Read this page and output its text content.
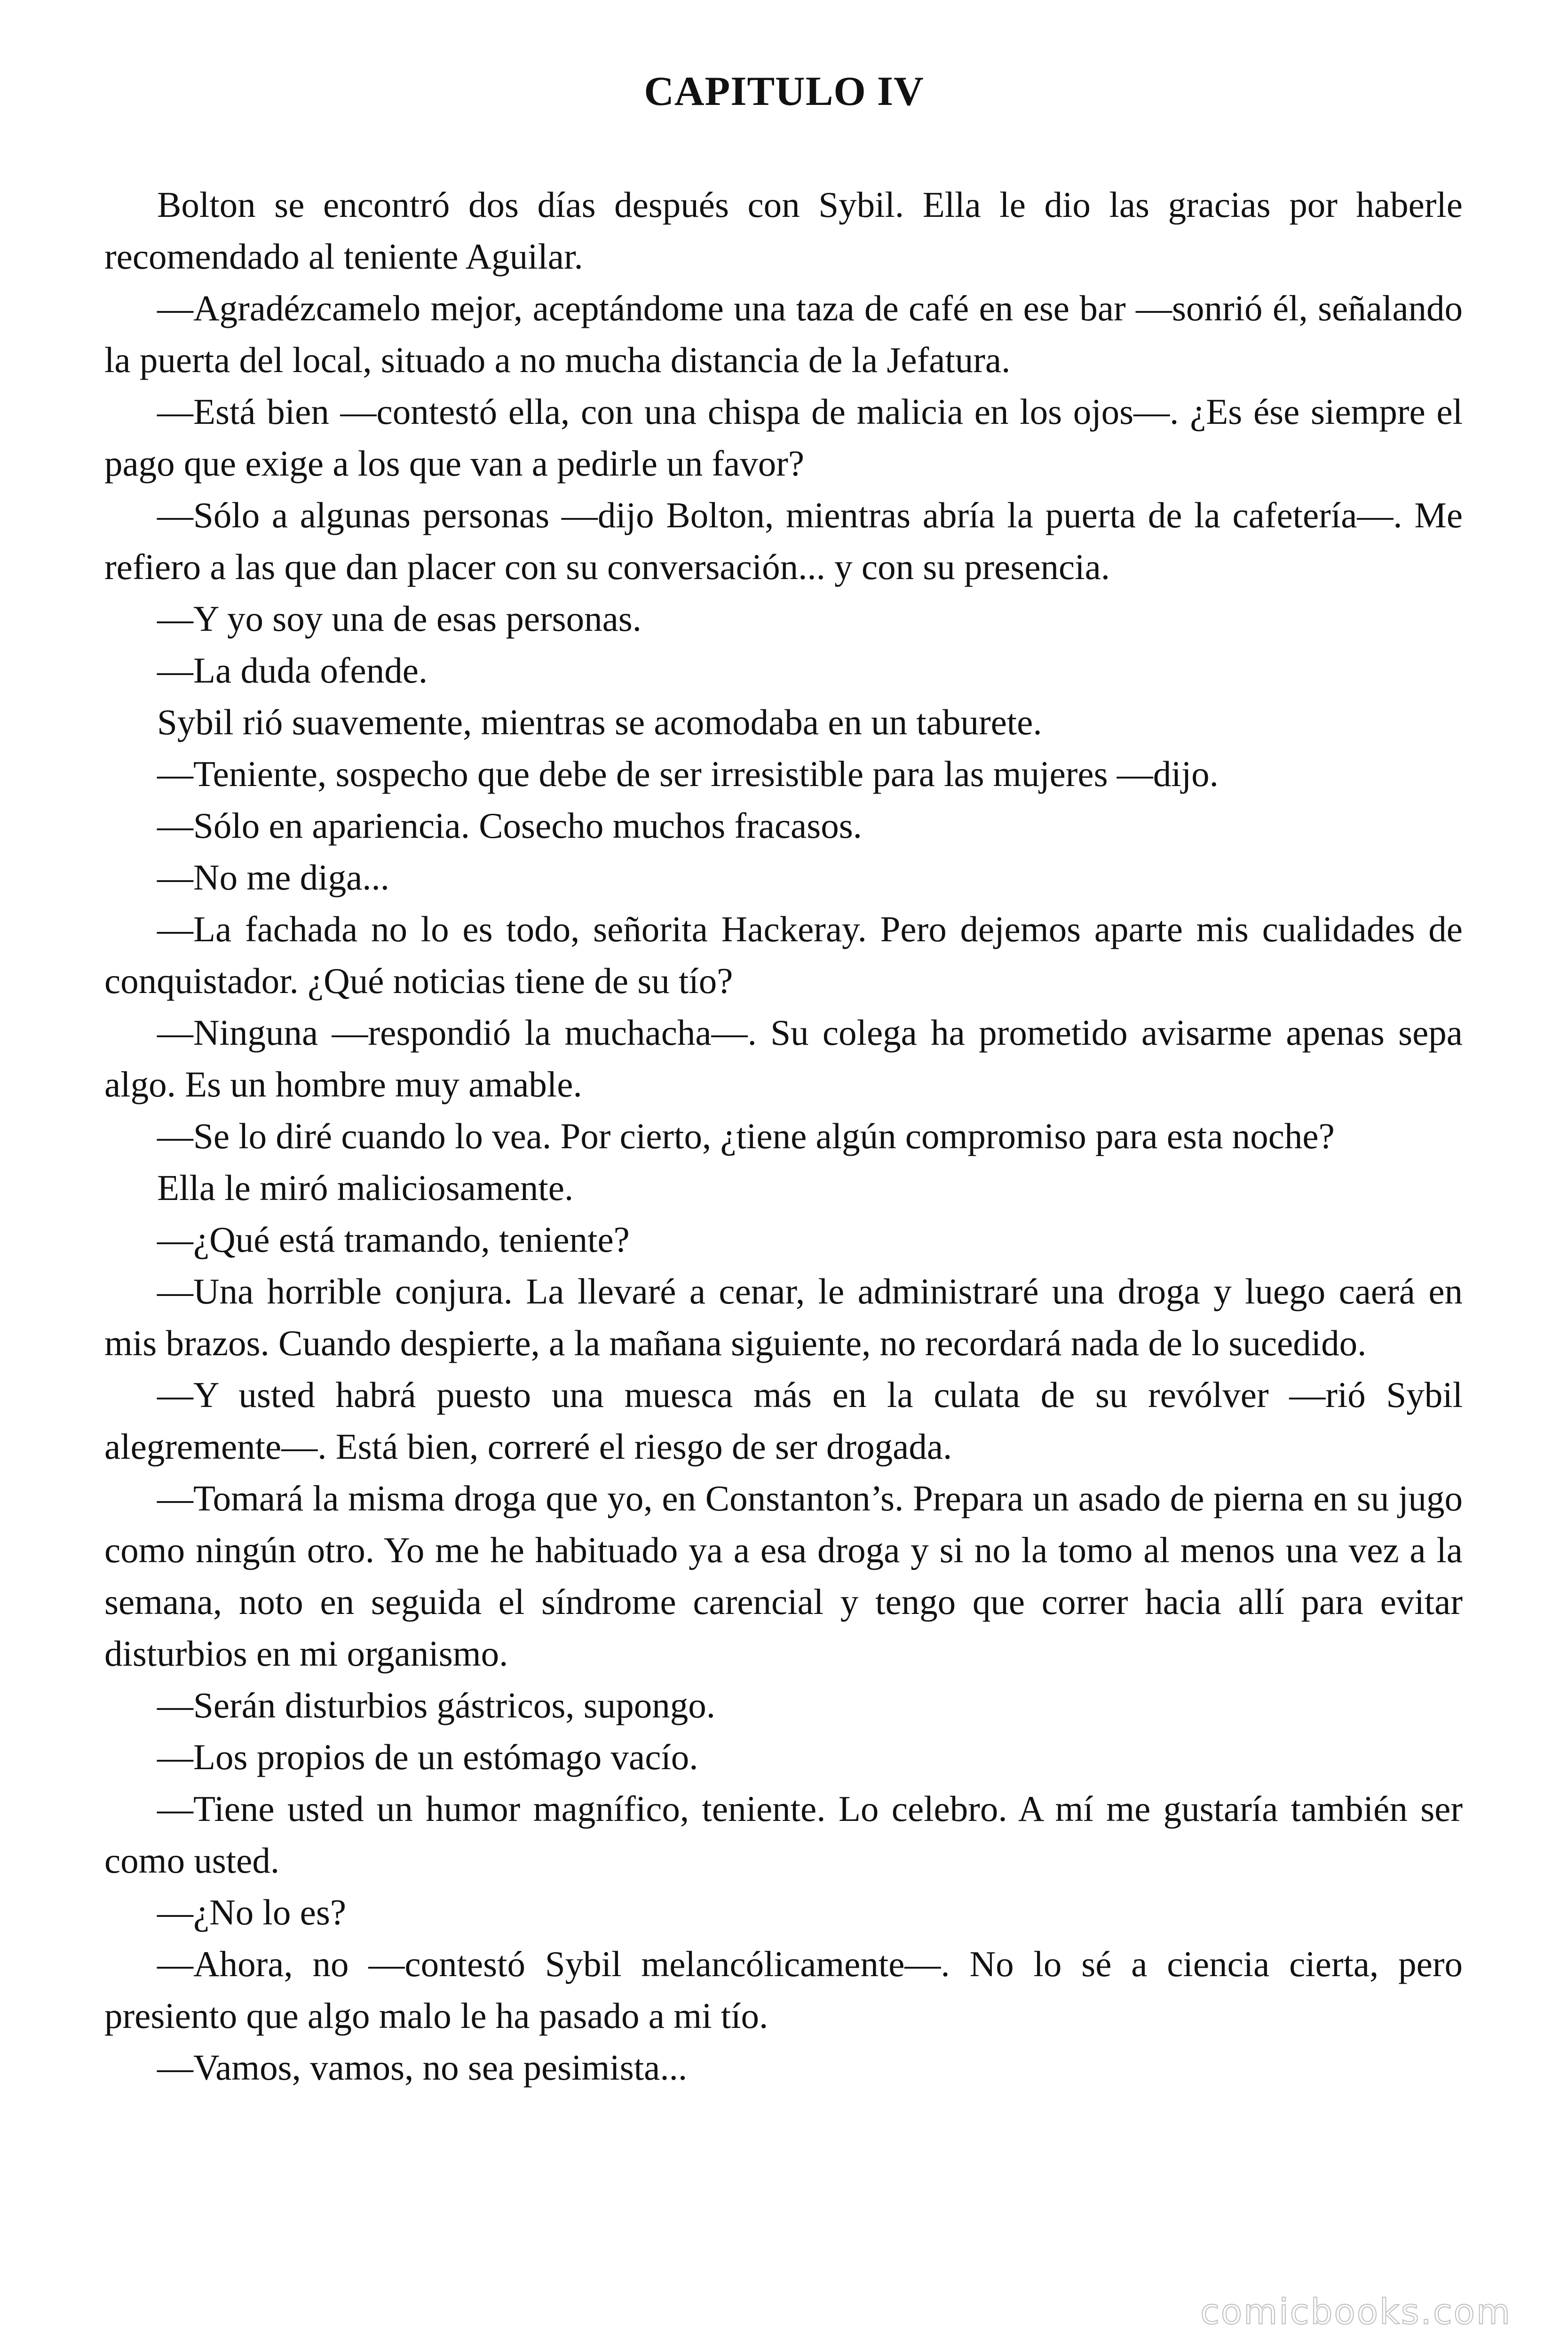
CAPITULO IV

Bolton se encontró dos días después con Sybil. Ella le dio las gracias por haberle recomendado al teniente Aguilar.

—Agradézcamelo mejor, aceptándome una taza de café en ese bar —sonrió él, señalando la puerta del local, situado a no mucha distancia de la Jefatura.

—Está bien —contestó ella, con una chispa de malicia en los ojos—. ¿Es ése siempre el pago que exige a los que van a pedirle un favor?

—Sólo a algunas personas —dijo Bolton, mientras abría la puerta de la cafetería—. Me refiero a las que dan placer con su conversación... y con su presencia.

—Y yo soy una de esas personas.

—La duda ofende.

Sybil rió suavemente, mientras se acomodaba en un taburete.

—Teniente, sospecho que debe de ser irresistible para las mujeres —dijo.

—Sólo en apariencia. Cosecho muchos fracasos.

—No me diga...

—La fachada no lo es todo, señorita Hackeray. Pero dejemos aparte mis cualidades de conquistador. ¿Qué noticias tiene de su tío?

—Ninguna —respondió la muchacha—. Su colega ha prometido avisarme apenas sepa algo. Es un hombre muy amable.

—Se lo diré cuando lo vea. Por cierto, ¿tiene algún compromiso para esta noche?

Ella le miró maliciosamente.

—¿Qué está tramando, teniente?

—Una horrible conjura. La llevaré a cenar, le administraré una droga y luego caerá en mis brazos. Cuando despierte, a la mañana siguiente, no recordará nada de lo sucedido.

—Y usted habrá puesto una muesca más en la culata de su revólver —rió Sybil alegremente—. Está bien, correré el riesgo de ser drogada.

—Tomará la misma droga que yo, en Constanton’s. Prepara un asado de pierna en su jugo como ningún otro. Yo me he habituado ya a esa droga y si no la tomo al menos una vez a la semana, noto en seguida el síndrome carencial y tengo que correr hacia allí para evitar disturbios en mi organismo.

—Serán disturbios gástricos, supongo.

—Los propios de un estómago vacío.

—Tiene usted un humor magnífico, teniente. Lo celebro. A mí me gustaría también ser como usted.

—¿No lo es?

—Ahora, no —contestó Sybil melancólicamente—. No lo sé a ciencia cierta, pero presiento que algo malo le ha pasado a mi tío.

—Vamos, vamos, no sea pesimista...

comicbooks.com
